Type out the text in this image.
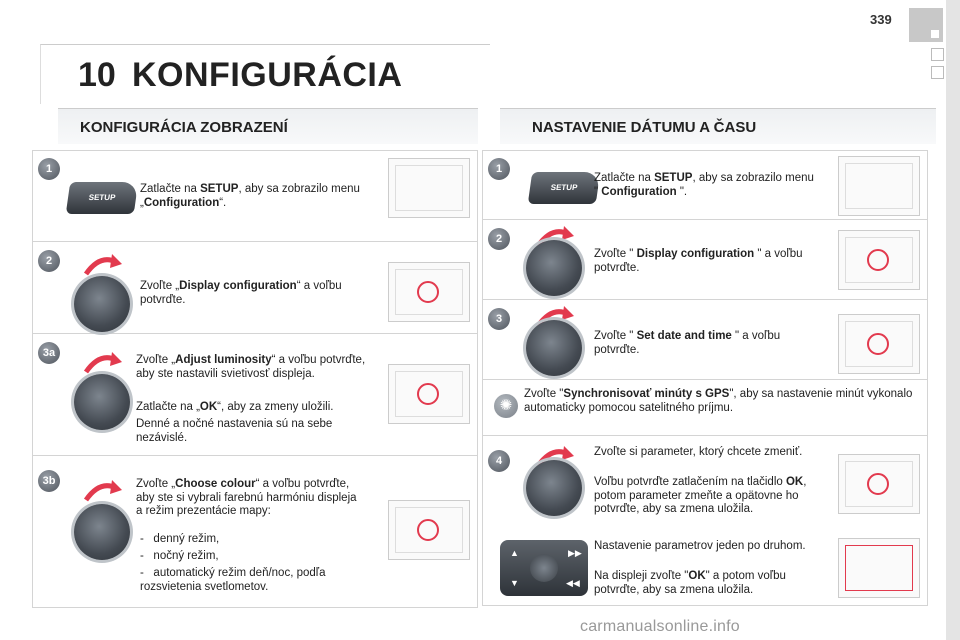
339
10 KONFIGURÁCIA
KONFIGURÁCIA ZOBRAZENÍ
1
SETUP
Zatlačte na SETUP, aby sa zobrazilo menu „Configuration“.
2
Zvoľte „Display configuration“ a voľbu potvrďte.
3a
Zvoľte „Adjust luminosity“ a voľbu potvrďte, aby ste nastavili svietivosť displeja.
Zatlačte na „OK“, aby za zmeny uložili.
Denné a nočné nastavenia sú na sebe nezávislé.
3b	Zvoľte „Choose colour“ a voľbu potvrďte, aby ste si vybrali farebnú harmóniu displeja a režim prezentácie mapy:
-   denný režim,
-   nočný režim,
-   automatický režim deň/noc, podľa rozsvietenia svetlometov.
NASTAVENIE DÁTUMU A ČASU
1
SETUP
Zatlačte na SETUP, aby sa zobrazilo menu " Configuration ".
2
Zvoľte " Display configuration " a voľbu potvrďte.
3
Zvoľte " Set date and time " a voľbu potvrďte.
✺
Zvoľte "Synchronisovať minúty s GPS", aby sa nastavenie minút vykonalo automaticky pomocou satelitného príjmu.
4
Zvoľte si parameter, ktorý chcete zmeniť.
Voľbu potvrďte zatlačením na tlačidlo OK, potom parameter zmeňte a opätovne ho potvrďte, aby sa zmena uložila.
▲	▶▶
▼	◀◀
Nastavenie parametrov jeden po druhom.
Na displeji zvoľte "OK" a potom voľbu potvrďte, aby sa zmena uložila.
carmanualsonline.info
